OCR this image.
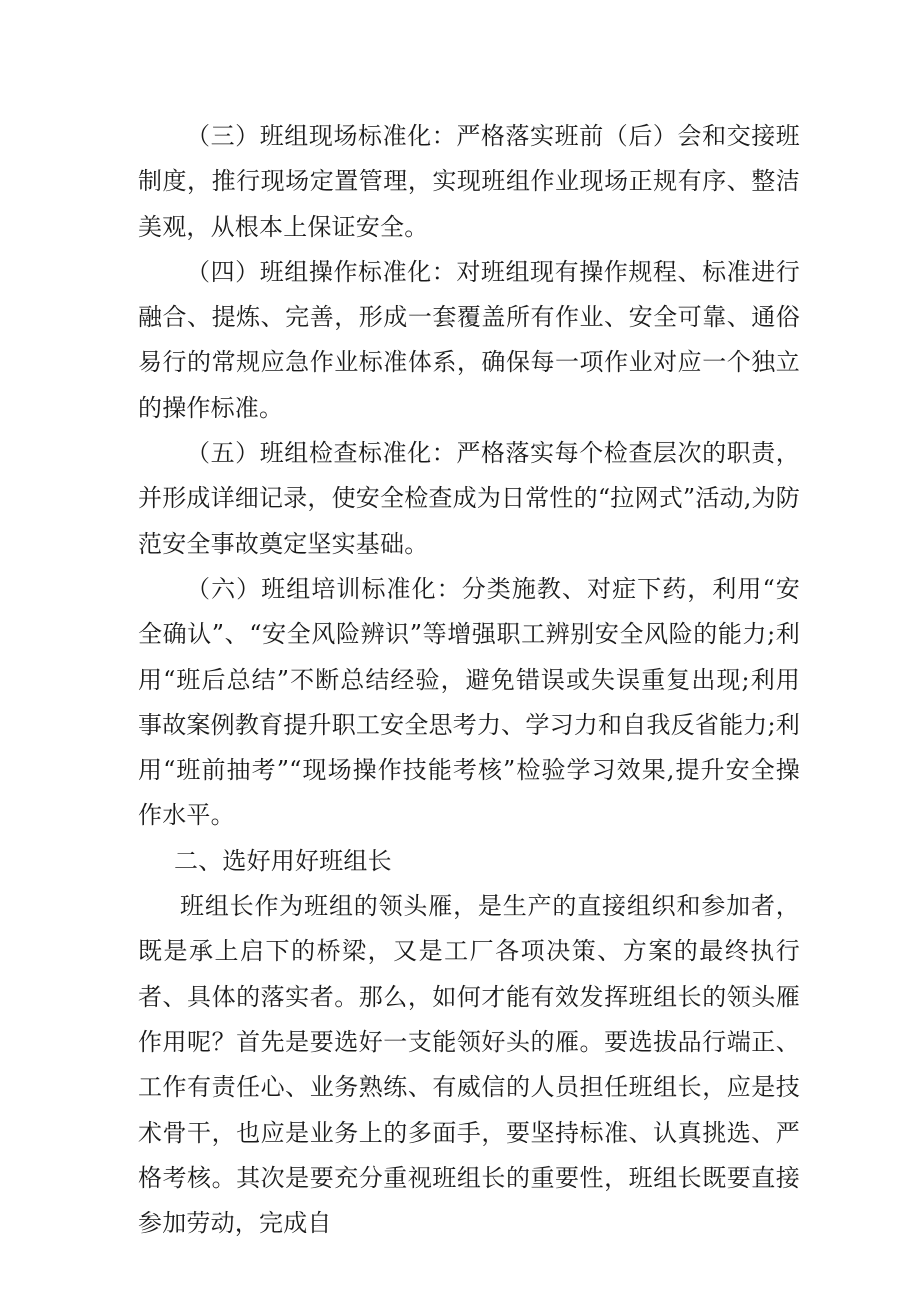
（三）班组现场标准化：严格落实班前（后）会和交接班制度，推行现场定置管理，实现班组作业现场正规有序、整洁美观，从根本上保证安全。

（四）班组操作标准化：对班组现有操作规程、标准进行融合、提炼、完善，形成一套覆盖所有作业、安全可靠、通俗易行的常规应急作业标准体系，确保每一项作业对应一个独立的操作标准。

（五）班组检查标准化：严格落实每个检查层次的职责，并形成详细记录，使安全检查成为日常性的“拉网式”活动,为防范安全事故奠定坚实基础。

（六）班组培训标准化：分类施教、对症下药，利用“安全确认”、“安全风险辨识”等增强职工辨别安全风险的能力;利用“班后总结”不断总结经验，避免错误或失误重复出现;利用事故案例教育提升职工安全思考力、学习力和自我反省能力;利用“班前抽考”“现场操作技能考核”检验学习效果,提升安全操作水平。

二、选好用好班组长

班组长作为班组的领头雁，是生产的直接组织和参加者，既是承上启下的桥梁，又是工厂各项决策、方案的最终执行者、具体的落实者。那么，如何才能有效发挥班组长的领头雁作用呢？首先是要选好一支能领好头的雁。要选拔品行端正、工作有责任心、业务熟练、有威信的人员担任班组长，应是技术骨干，也应是业务上的多面手，要坚持标准、认真挑选、严格考核。其次是要充分重视班组长的重要性，班组长既要直接参加劳动，完成自
